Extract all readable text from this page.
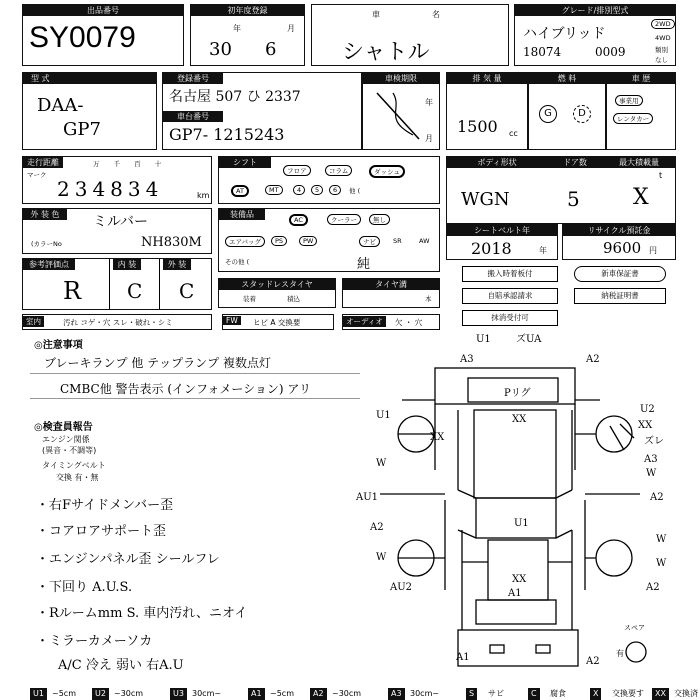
出品番号
SY0079
初年度登録
年	月
30 6
車	名
シャトル
グレード/排別型式
ハイブリッド
18074	0009
2WD
4WD
類別
なし
型 式
DAA-
GP7
登録番号
名古屋 507 ひ 2337
車台番号
GP7- 1215243
車検期限
年
月
排 気 量
1500 cc
燃 料
G	D
車 歴
事業用
レンタカー
走行距離
マーク
万 千 百 十
234834	km
シフト
フロア	コラム	ダッシュ
AT	MT	4	5	6	他 (
ボディ形状	ドア数	最大積載量
WGN	5
t
X
外 装 色	ミルバー
(カラーNo	NH830M
装備品
AC	クーラー	無し
エアバッグ	PS	PW	ナビ	SR	AW
その他 (	純
シートベルト年
2018	年
リサイクル預託金
9600 円
参考評価点	内 装	外 装
R C C	スタッドレスタイヤ
装着	積込
タイヤ溝
本
搬入時着板付	新車保証書
自賠承認請求	納税証明書
抹消受付可
室内	汚れ コゲ・穴 スレ・破れ・シミ	FW	ヒビ A 交換要	オーディオ	欠 ・ 穴
◎注意事項
ブレーキランプ 他 テップランプ 複数点灯
CMBC他 警告表示 (インフォメーション) アリ
◎検査員報告
エンジン関係
(異音・不調等)
タイミングベルト
交換 有・無
・右Fサイドメンバー歪
・コアロアサポート歪
・エンジンパネル歪 シールフレ
・下回り A.U.S.
・Rルームmm S. 車内汚れ、ニオイ
・ミラーカメーソカ
A/C 冷え 弱い 右A.U
U1	ズUA
A3	A2
Pリグ
XX
U2
XX
ズレ
A3
U1
XX
W
W
AU1	A2
U1
A2
W
W
W
A2
AU2
XX
A1
A1	A2
スペア
有
U1	~5cm	U2	~30cm	U3	30cm~	A1	~5cm	A2	~30cm	A3	30cm~	S	サビ	C	腐食	X	交換要す	XX	交換済
